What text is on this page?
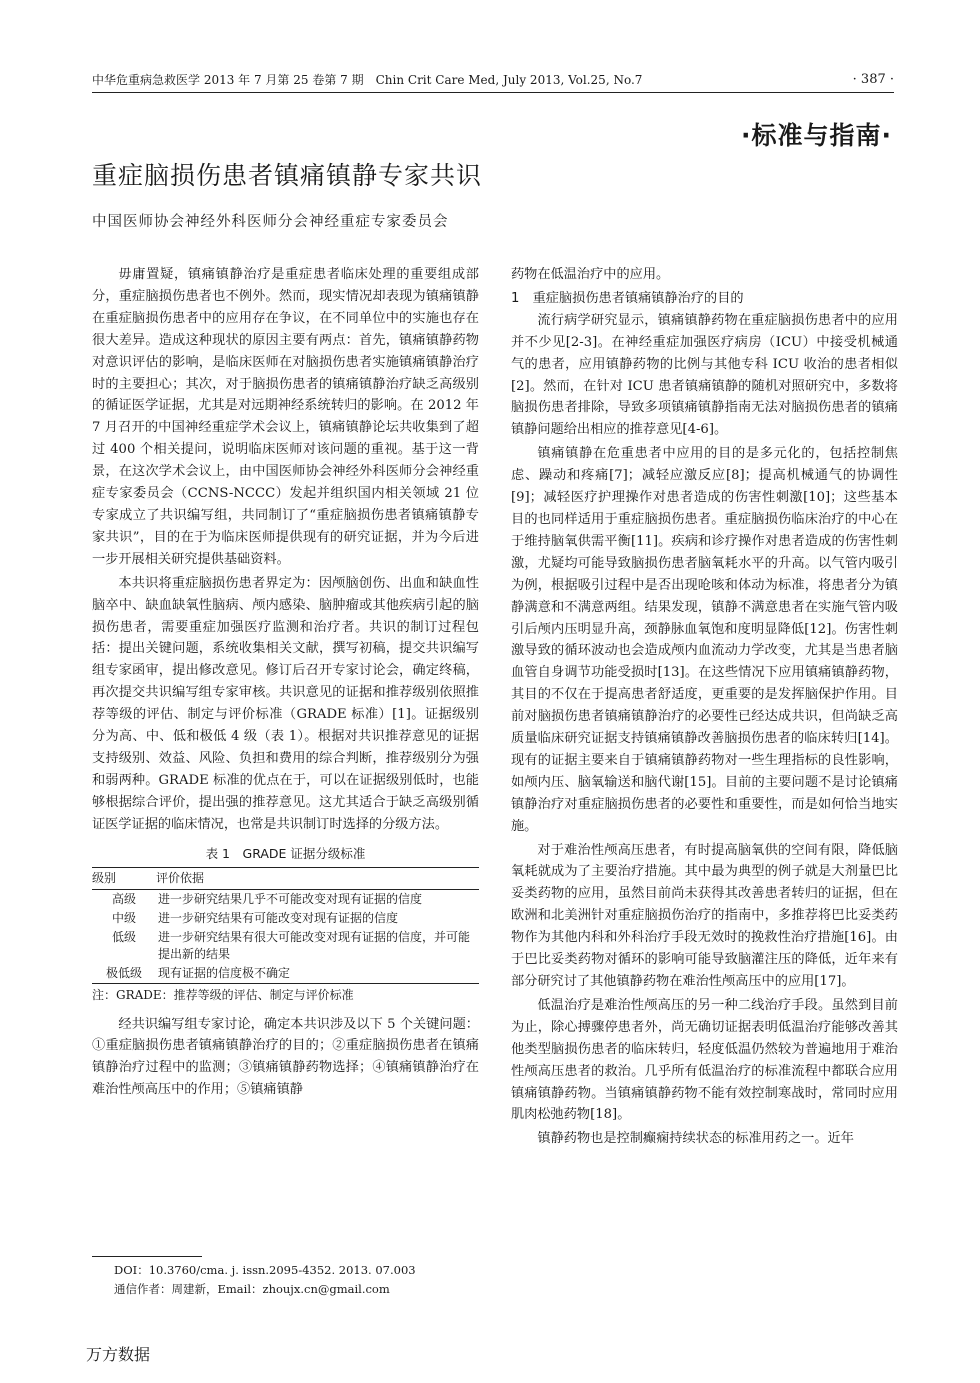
中华危重病急救医学 2013 年 7 月第 25 卷第 7 期　Chin Crit Care Med, July 2013, Vol.25, No.7	· 387 ·
·标准与指南·
重症脑损伤患者镇痛镇静专家共识
中国医师协会神经外科医师分会神经重症专家委员会

毋庸置疑，镇痛镇静治疗是重症患者临床处理的重要组成部分，重症脑损伤患者也不例外。然而，现实情况却表现为镇痛镇静在重症脑损伤患者中的应用存在争议，在不同单位中的实施也存在很大差异。造成这种现状的原因主要有两点：首先，镇痛镇静药物对意识评估的影响，是临床医师在对脑损伤患者实施镇痛镇静治疗时的主要担心；其次，对于脑损伤患者的镇痛镇静治疗缺乏高级别的循证医学证据，尤其是对远期神经系统转归的影响。在 2012 年 7 月召开的中国神经重症学术会议上，镇痛镇静论坛共收集到了超过 400 个相关提问，说明临床医师对该问题的重视。基于这一背景，在这次学术会议上，由中国医师协会神经外科医师分会神经重症专家委员会（CCNS-NCCC）发起并组织国内相关领域 21 位专家成立了共识编写组，共同制订了“重症脑损伤患者镇痛镇静专家共识”，目的在于为临床医师提供现有的研究证据，并为今后进一步开展相关研究提供基础资料。

本共识将重症脑损伤患者界定为：因颅脑创伤、出血和缺血性脑卒中、缺血缺氧性脑病、颅内感染、脑肿瘤或其他疾病引起的脑损伤患者，需要重症加强医疗监测和治疗者。共识的制订过程包括：提出关键问题，系统收集相关文献，撰写初稿，提交共识编写组专家函审，提出修改意见。修订后召开专家讨论会，确定终稿，再次提交共识编写组专家审核。共识意见的证据和推荐级别依照推荐等级的评估、制定与评价标准（GRADE 标准）[1]。证据级别分为高、中、低和极低 4 级（表 1）。根据对共识推荐意见的证据支持级别、效益、风险、负担和费用的综合判断，推荐级别分为强和弱两种。GRADE 标准的优点在于，可以在证据级别低时，也能够根据综合评价，提出强的推荐意见。这尤其适合于缺乏高级别循证医学证据的临床情况，也常是共识制订时选择的分级方法。

表 1　GRADE 证据分级标准
级别	评价依据
高级	进一步研究结果几乎不可能改变对现有证据的信度
中级	进一步研究结果有可能改变对现有证据的信度
低级	进一步研究结果有很大可能改变对现有证据的信度，并可能提出新的结果
极低级	现有证据的信度极不确定
注：GRADE：推荐等级的评估、制定与评价标准

经共识编写组专家讨论，确定本共识涉及以下 5 个关键问题：①重症脑损伤患者镇痛镇静治疗的目的；②重症脑损伤患者在镇痛镇静治疗过程中的监测；③镇痛镇静药物选择；④镇痛镇静治疗在难治性颅高压中的作用；⑤镇痛镇静

DOI：10.3760/cma. j. issn.2095-4352. 2013. 07.003
通信作者：周建新，Email：zhoujx.cn@gmail.com

药物在低温治疗中的应用。

1　重症脑损伤患者镇痛镇静治疗的目的

流行病学研究显示，镇痛镇静药物在重症脑损伤患者中的应用并不少见[2-3]。在神经重症加强医疗病房（ICU）中接受机械通气的患者，应用镇静药物的比例与其他专科 ICU 收治的患者相似[2]。然而，在针对 ICU 患者镇痛镇静的随机对照研究中，多数将脑损伤患者排除，导致多项镇痛镇静指南无法对脑损伤患者的镇痛镇静问题给出相应的推荐意见[4-6]。

镇痛镇静在危重患者中应用的目的是多元化的，包括控制焦虑、躁动和疼痛[7]；减轻应激反应[8]；提高机械通气的协调性[9]；减轻医疗护理操作对患者造成的伤害性刺激[10]；这些基本目的也同样适用于重症脑损伤患者。重症脑损伤临床治疗的中心在于维持脑氧供需平衡[11]。疾病和诊疗操作对患者造成的伤害性刺激，尤疑均可能导致脑损伤患者脑氧耗水平的升高。以气管内吸引为例，根据吸引过程中是否出现呛咳和体动为标准，将患者分为镇静满意和不满意两组。结果发现，镇静不满意患者在实施气管内吸引后颅内压明显升高，颈静脉血氧饱和度明显降低[12]。伤害性刺激导致的循环波动也会造成颅内血流动力学改变，尤其是当患者脑血管自身调节功能受损时[13]。在这些情况下应用镇痛镇静药物，其目的不仅在于提高患者舒适度，更重要的是发挥脑保护作用。目前对脑损伤患者镇痛镇静治疗的必要性已经达成共识，但尚缺乏高质量临床研究证据支持镇痛镇静改善脑损伤患者的临床转归[14]。现有的证据主要来自于镇痛镇静药物对一些生理指标的良性影响，如颅内压、脑氧输送和脑代谢[15]。目前的主要问题不是讨论镇痛镇静治疗对重症脑损伤患者的必要性和重要性，而是如何恰当地实施。

对于难治性颅高压患者，有时提高脑氧供的空间有限，降低脑氧耗就成为了主要治疗措施。其中最为典型的例子就是大剂量巴比妥类药物的应用，虽然目前尚未获得其改善患者转归的证据，但在欧洲和北美洲针对重症脑损伤治疗的指南中，多推荐将巴比妥类药物作为其他内科和外科治疗手段无效时的挽救性治疗措施[16]。由于巴比妥类药物对循环的影响可能导致脑灌注压的降低，近年来有部分研究讨了其他镇静药物在难治性颅高压中的应用[17]。

低温治疗是难治性颅高压的另一种二线治疗手段。虽然到目前为止，除心搏骤停患者外，尚无确切证据表明低温治疗能够改善其他类型脑损伤患者的临床转归，轻度低温仍然较为普遍地用于难治性颅高压患者的救治。几乎所有低温治疗的标准流程中都联合应用镇痛镇静药物。当镇痛镇静药物不能有效控制寒战时，常同时应用肌肉松弛药物[18]。

镇静药物也是控制癫痫持续状态的标准用药之一。近年

万方数据
